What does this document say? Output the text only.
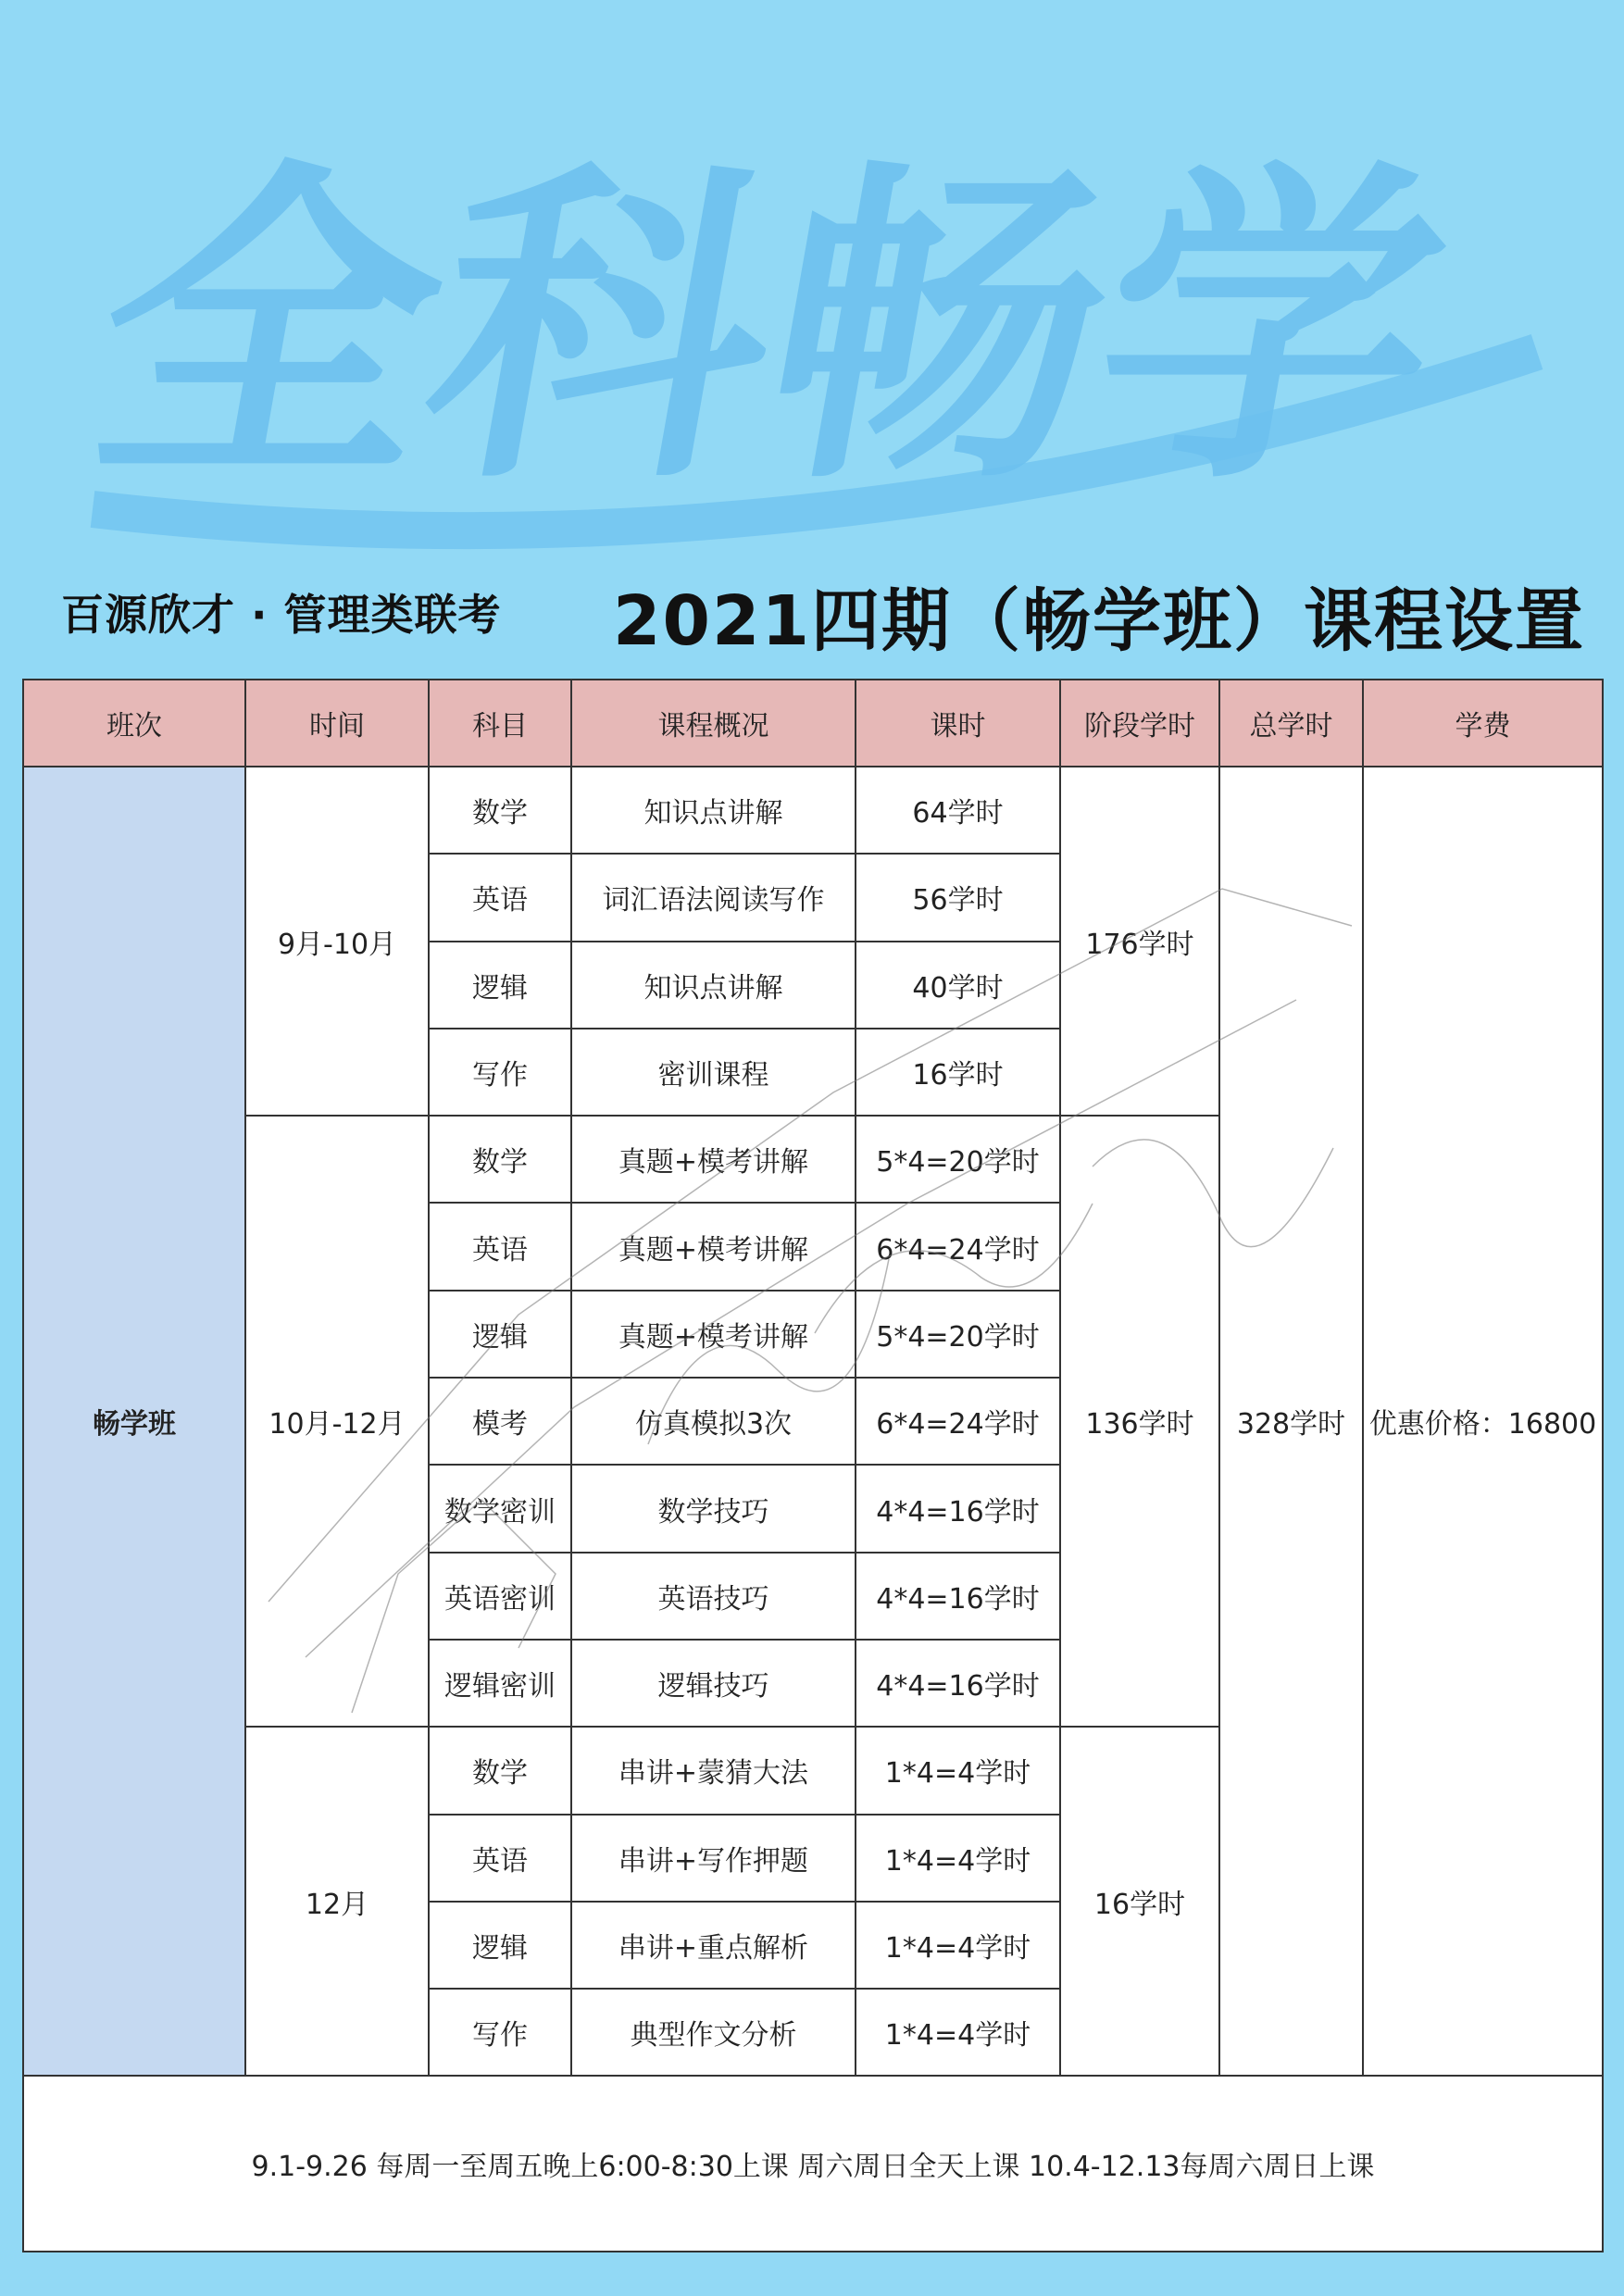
全科畅学
百源欣才 · 管理类联考 2021四期（畅学班）课程设置
班次	时间	科目	课程概况	课时	阶段学时	总学时	学费
畅学班	9月-10月	数学	知识点讲解	64学时	176学时	328学时	优惠价格：16800
		英语	词汇语法阅读写作	56学时			
		逻辑	知识点讲解	40学时			
		写作	密训课程	16学时			
	10月-12月	数学	真题+模考讲解	5*4=20学时	136学时		
		英语	真题+模考讲解	6*4=24学时			
		逻辑	真题+模考讲解	5*4=20学时			
		模考	仿真模拟3次	6*4=24学时			
		数学密训	数学技巧	4*4=16学时			
		英语密训	英语技巧	4*4=16学时			
		逻辑密训	逻辑技巧	4*4=16学时			
	12月	数学	串讲+蒙猜大法	1*4=4学时	16学时		
		英语	串讲+写作押题	1*4=4学时			
		逻辑	串讲+重点解析	1*4=4学时			
		写作	典型作文分析	1*4=4学时			
9.1-9.26 每周一至周五晚上6:00-8:30上课 周六周日全天上课 10.4-12.13每周六周日上课							
